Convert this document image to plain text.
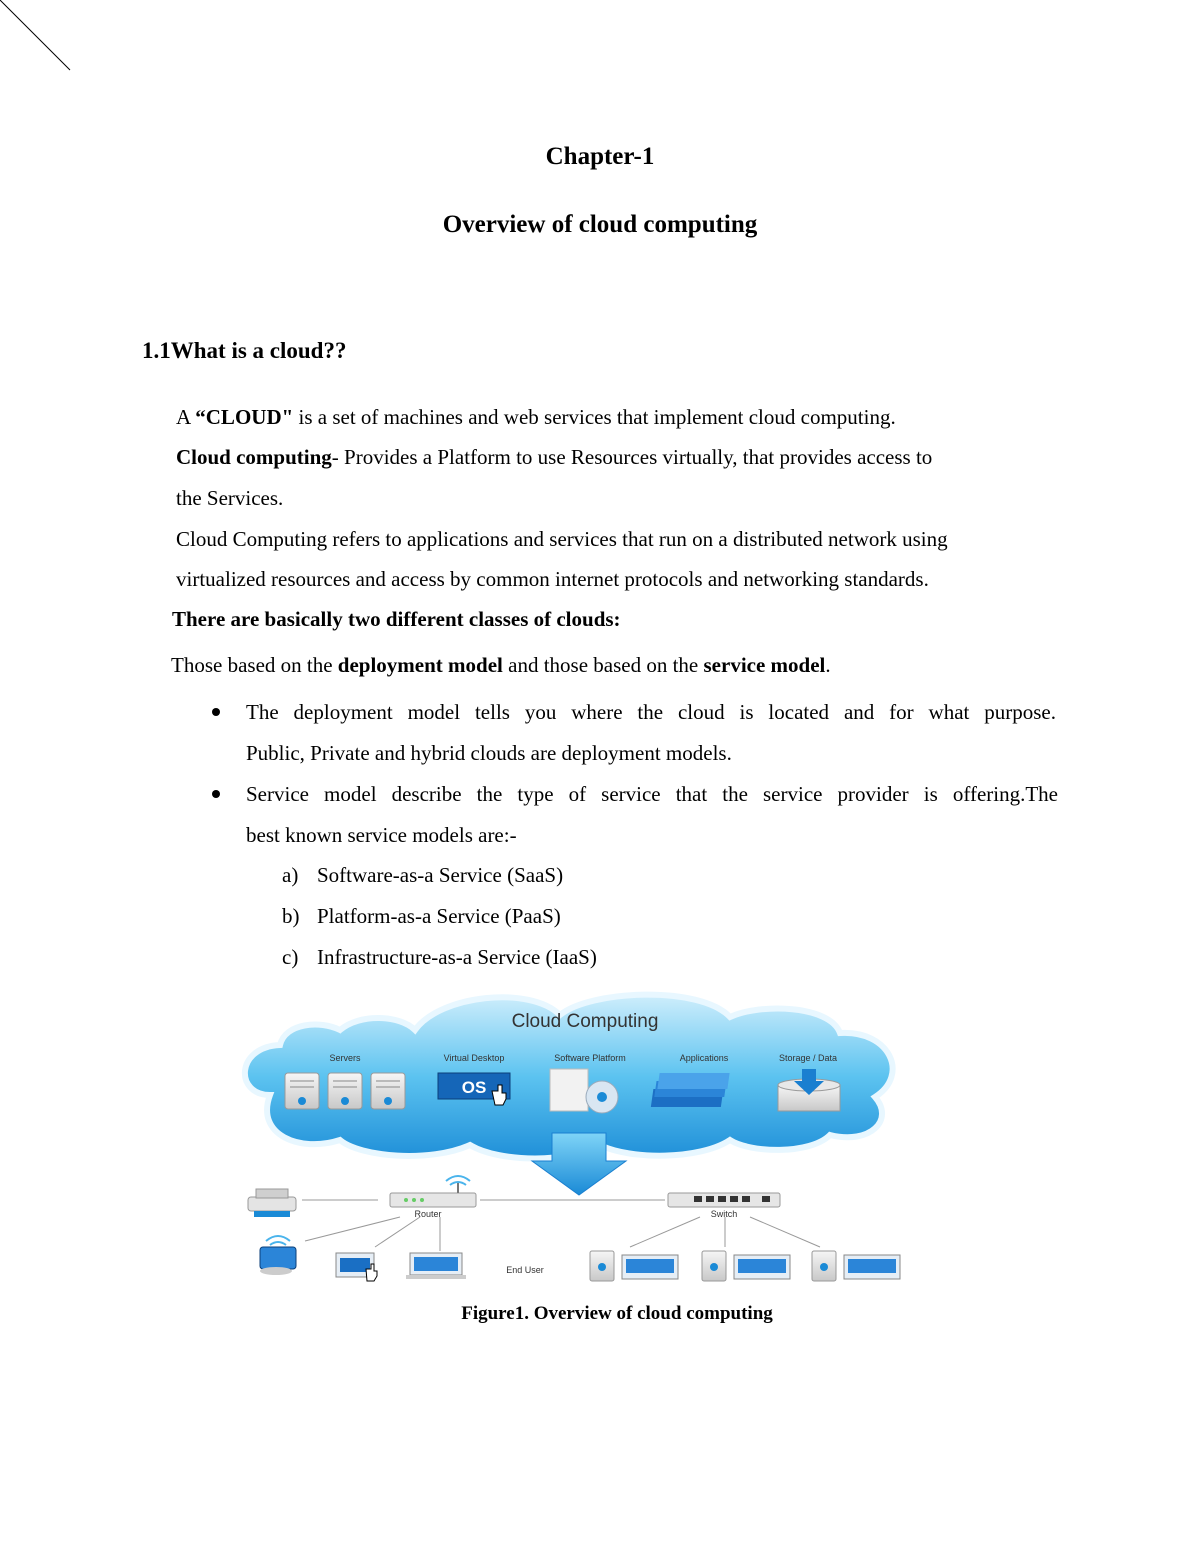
Chapter-1
Overview of cloud computing
1.1What is a cloud??
A “CLOUD" is a set of machines and web services that implement cloud computing.
Cloud computing- Provides a Platform to use Resources virtually, that provides access to
the Services.
Cloud Computing refers to applications and services that run on a distributed network using
virtualized resources and access by common internet protocols and networking standards.
There are basically two different classes of clouds:
Those based on the deployment model and those based on the service model.
The deployment model tells you where the cloud is located and for what purpose.
Public, Private and hybrid clouds are deployment models.
Service model describe the type of service that the service provider is offering.The
best known service models are:-
a) Software-as-a Service (SaaS)
b) Platform-as-a Service (PaaS)
c) Infrastructure-as-a Service (IaaS)
Cloud Computing
Servers	Virtual Desktop	Software Platform	Applications	Storage / Data
OS
Router	Switch
End User
Figure1. Overview of cloud computing
